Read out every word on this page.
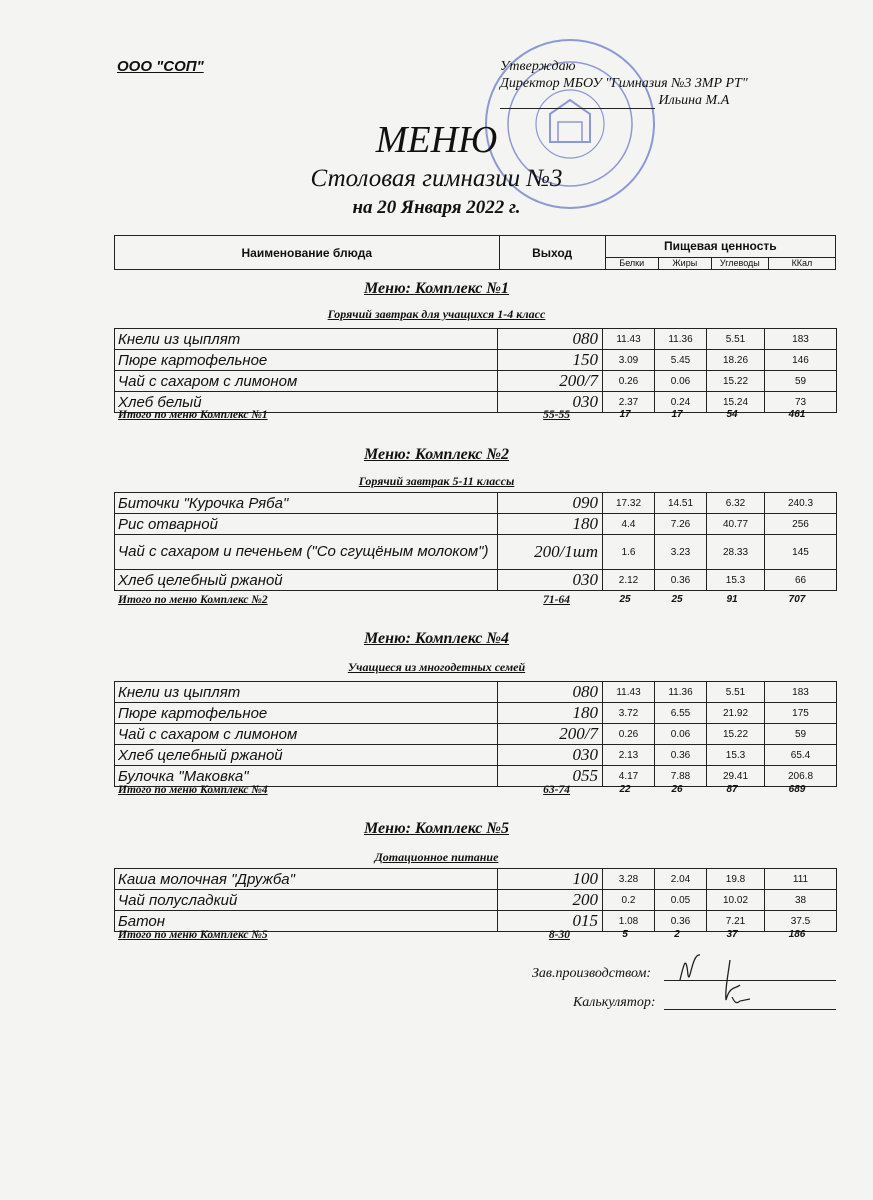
ООО "СОП"	Утверждаю
Директор МБОУ "Гимназия №3 ЗМР РТ"
Ильина М.А
МЕНЮ
Столовая гимназии №3
на 20 Января 2022 г.
Наименование блюда	Выход	Пищевая ценность			
		Белки	Жиры	Углеводы	ККал
Меню: Комплекс №1
Горячий завтрак для учащихся 1-4 класс
Кнели из цыплят	080	11.43	11.36	5.51	183
Пюре картофельное	150	3.09	5.45	18.26	146
Чай с сахаром с лимоном	200/7	0.26	0.06	15.22	59
Хлеб белый	030	2.37	0.24	15.24	73
Итого по меню Комплекс №1	55-55	17	17	54	461
Меню: Комплекс №2
Горячий завтрак 5-11 классы
Биточки "Курочка Ряба"	090	17.32	14.51	6.32	240.3
Рис отварной	180	4.4	7.26	40.77	256
Чай с сахаром и печеньем ("Со сгущёным молоком")	200/1шт	1.6	3.23	28.33	145
Хлеб целебный ржаной	030	2.12	0.36	15.3	66
Итого по меню Комплекс №2	71-64	25	25	91	707
Меню: Комплекс №4
Учащиеся из многодетных семей
Кнели из цыплят	080	11.43	11.36	5.51	183
Пюре картофельное	180	3.72	6.55	21.92	175
Чай с сахаром с лимоном	200/7	0.26	0.06	15.22	59
Хлеб целебный ржаной	030	2.13	0.36	15.3	65.4
Булочка "Маковка"	055	4.17	7.88	29.41	206.8
Итого по меню Комплекс №4	63-74	22	26	87	689
Меню: Комплекс №5
Дотационное питание
Каша молочная "Дружба"	100	3.28	2.04	19.8	111
Чай полусладкий	200	0.2	0.05	10.02	38
Батон	015	1.08	0.36	7.21	37.5
Итого по меню Комплекс №5	8-30	5	2	37	186
Зав.производством:
Калькулятор:
